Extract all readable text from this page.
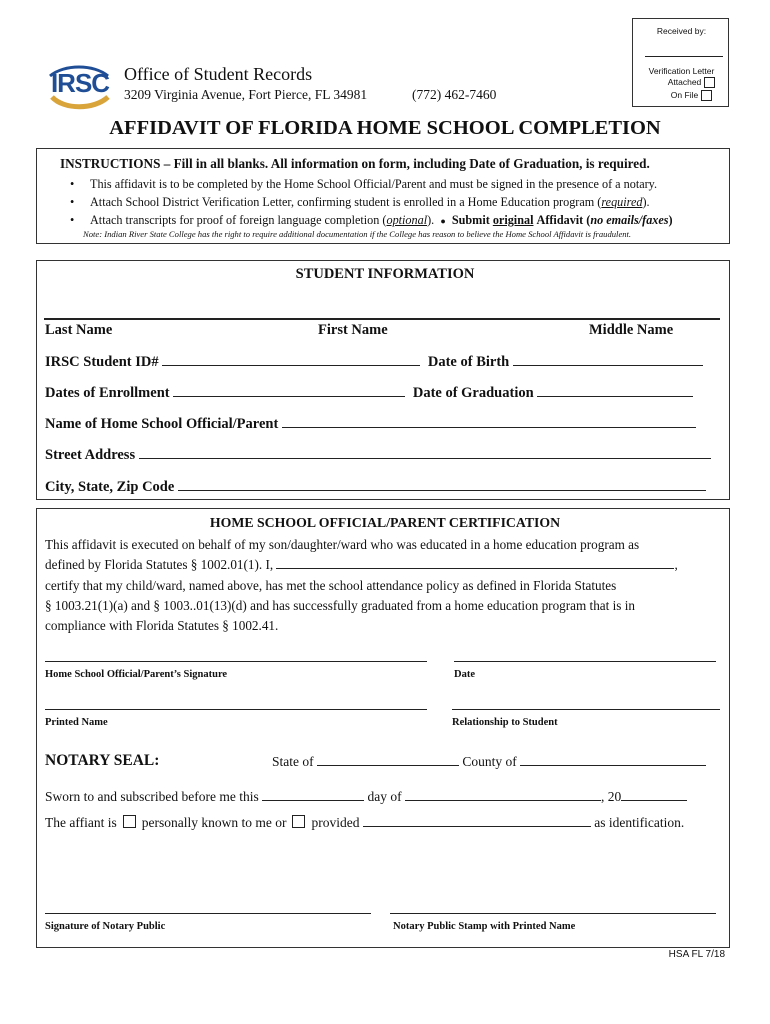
Received by:
Verification Letter
Attached
On File
IRSC Office of Student Records
3209 Virginia Avenue, Fort Pierce, FL 34981	(772) 462-7460
AFFIDAVIT OF FLORIDA HOME SCHOOL COMPLETION
INSTRUCTIONS – Fill in all blanks. All information on form, including Date of Graduation, is required.
• This affidavit is to be completed by the Home School Official/Parent and must be signed in the presence of a notary.
• Attach School District Verification Letter, confirming student is enrolled in a Home Education program (required).
• Attach transcripts for proof of foreign language completion (optional). ● Submit original Affidavit (no emails/faxes)
Note: Indian River State College has the right to require additional documentation if the College has reason to believe the Home School Affidavit is fraudulent.
STUDENT INFORMATION
Last Name	First Name	Middle Name
IRSC Student ID#	Date of Birth
Dates of Enrollment	Date of Graduation
Name of Home School Official/Parent
Street Address
City, State, Zip Code
HOME SCHOOL OFFICIAL/PARENT CERTIFICATION
This affidavit is executed on behalf of my son/daughter/ward who was educated in a home education program as
defined by Florida Statutes § 1002.01(1). I,	,
certify that my child/ward, named above, has met the school attendance policy as defined in Florida Statutes
§ 1003.21(1)(a) and § 1003..01(13)(d) and has successfully graduated from a home education program that is in
compliance with Florida Statutes § 1002.41.
Home School Official/Parent’s Signature	Date
Printed Name	Relationship to Student
NOTARY SEAL:	State of	County of
Sworn to and subscribed before me this	day of	, 20
The affiant is personally known to me or provided	as identification.
Signature of Notary Public	Notary Public Stamp with Printed Name
HSA FL 7/18
